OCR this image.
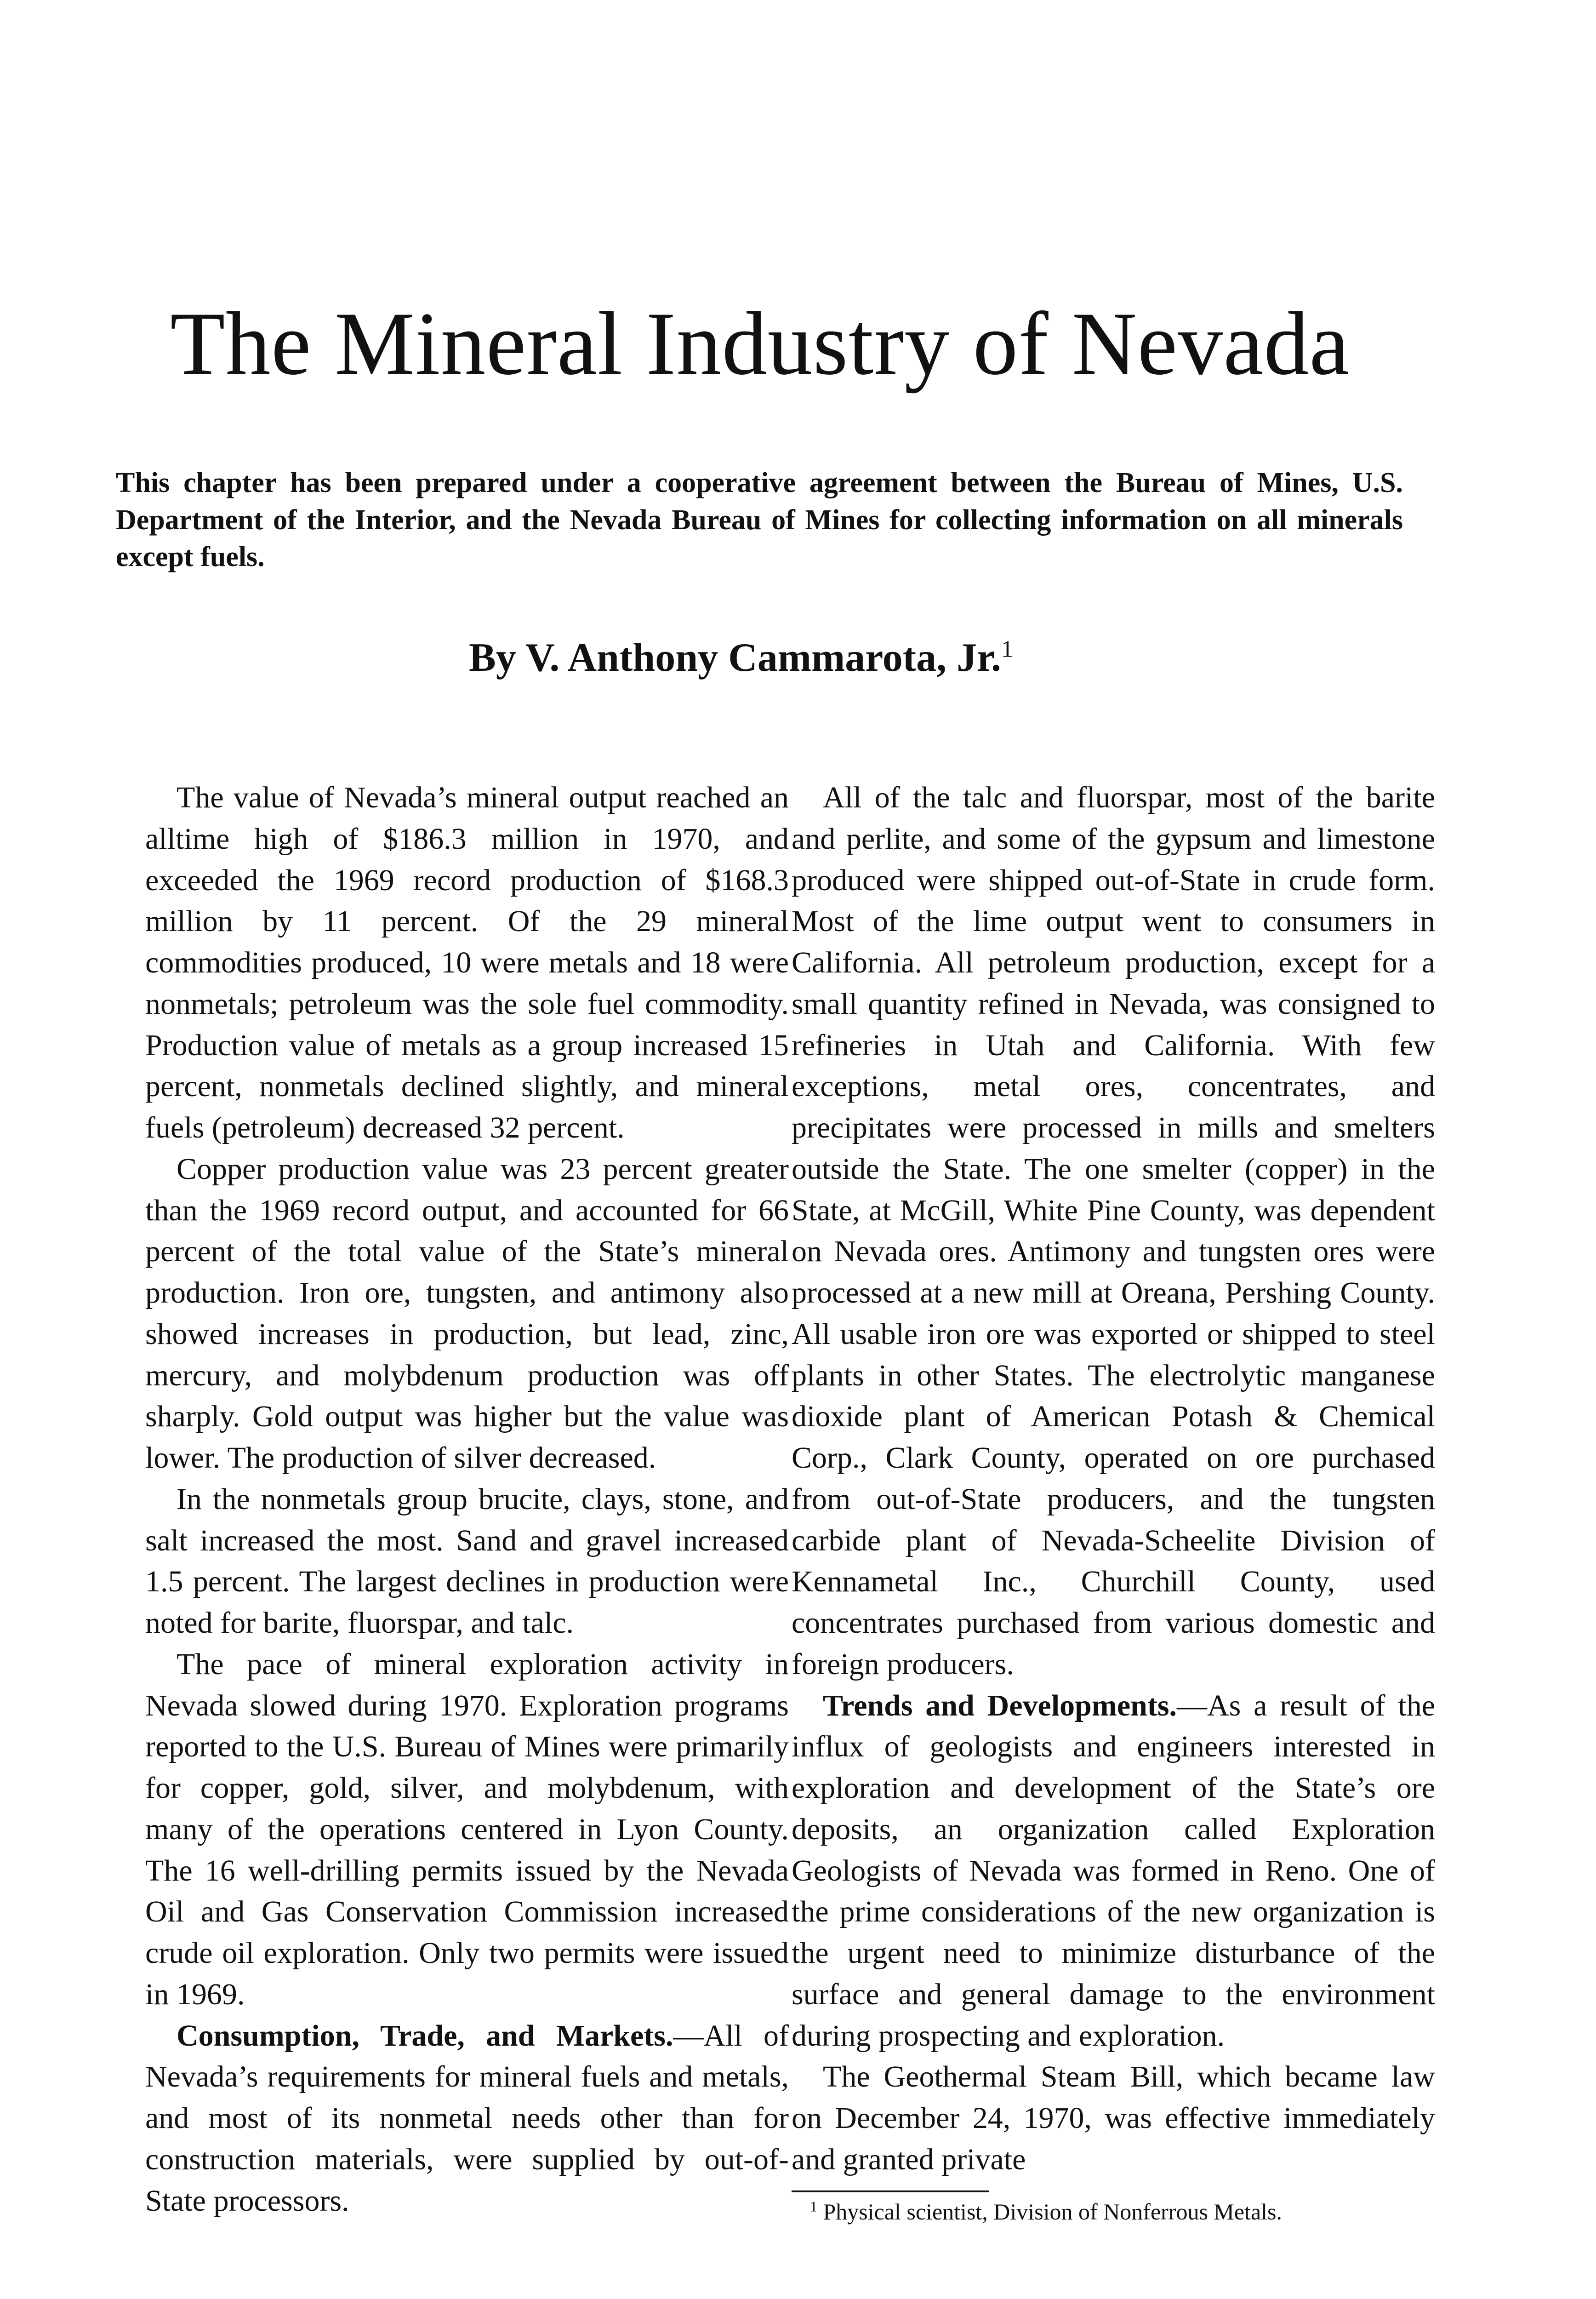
The Mineral Industry of Nevada

This chapter has been prepared under a cooperative agreement between the Bureau of Mines, U.S. Department of the Interior, and the Nevada Bureau of Mines for collecting information on all minerals except fuels.

By V. Anthony Cammarota, Jr.$^1$

The value of Nevada’s mineral output reached an alltime high of $186.3 million in 1970, and exceeded the 1969 record production of $168.3 million by 11 percent. Of the 29 mineral commodities produced, 10 were metals and 18 were nonmetals; petroleum was the sole fuel commodity. Production value of metals as a group increased 15 percent, nonmetals declined slightly, and mineral fuels (petroleum) decreased 32 percent.

Copper production value was 23 percent greater than the 1969 record output, and accounted for 66 percent of the total value of the State’s mineral production. Iron ore, tungsten, and antimony also showed increases in production, but lead, zinc, mercury, and molybdenum production was off sharply. Gold output was higher but the value was lower. The production of silver decreased.

In the nonmetals group brucite, clays, stone, and salt increased the most. Sand and gravel increased 1.5 percent. The largest declines in production were noted for barite, fluorspar, and talc.

The pace of mineral exploration activity in Nevada slowed during 1970. Exploration programs reported to the U.S. Bureau of Mines were primarily for copper, gold, silver, and molybdenum, with many of the operations centered in Lyon County. The 16 well-drilling permits issued by the Nevada Oil and Gas Conservation Commission increased crude oil exploration. Only two permits were issued in 1969.

Consumption, Trade, and Markets.—All of Nevada’s requirements for mineral fuels and metals, and most of its nonmetal needs other than for construction materials, were supplied by out-of-State processors.

All of the talc and fluorspar, most of the barite and perlite, and some of the gypsum and limestone produced were shipped out-of-State in crude form. Most of the lime output went to consumers in California. All petroleum production, except for a small quantity refined in Nevada, was consigned to refineries in Utah and California. With few exceptions, metal ores, concentrates, and precipitates were processed in mills and smelters outside the State. The one smelter (copper) in the State, at McGill, White Pine County, was dependent on Nevada ores. Antimony and tungsten ores were processed at a new mill at Oreana, Pershing County. All usable iron ore was exported or shipped to steel plants in other States. The electrolytic manganese dioxide plant of American Potash & Chemical Corp., Clark County, operated on ore purchased from out-of-State producers, and the tungsten carbide plant of Nevada-Scheelite Division of Kennametal Inc., Churchill County, used concentrates purchased from various domestic and foreign producers.

Trends and Developments.—As a result of the influx of geologists and engineers interested in exploration and development of the State’s ore deposits, an organization called Exploration Geologists of Nevada was formed in Reno. One of the prime considerations of the new organization is the urgent need to minimize disturbance of the surface and general damage to the environment during prospecting and exploration.

The Geothermal Steam Bill, which became law on December 24, 1970, was effective immediately and granted private

$^1$ Physical scientist, Division of Nonferrous Metals.
